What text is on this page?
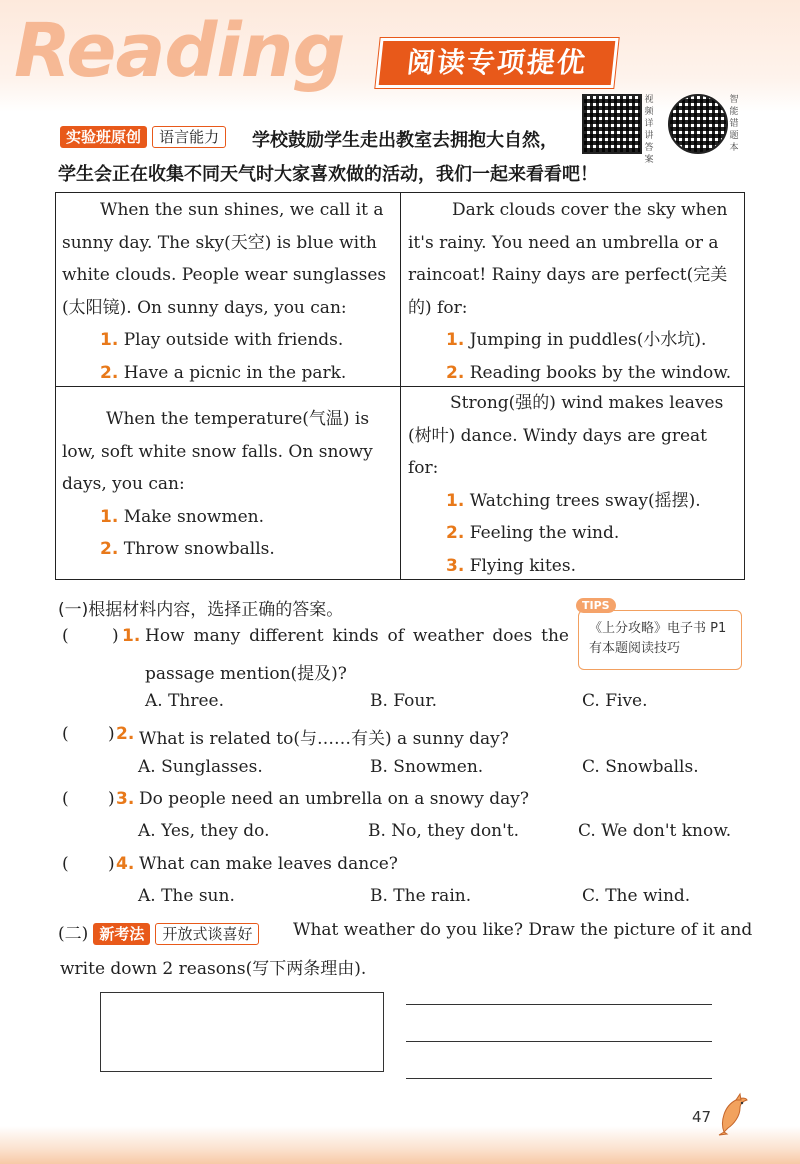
Reading	阅读专项提优
视频详讲答案
智能错题本
实验班原创 语言能力	学校鼓励学生走出教室去拥抱大自然，
学生会正在收集不同天气时大家喜欢做的活动，我们一起来看看吧！
When the sun shines, we call it a
sunny day. The sky(天空) is blue with
white clouds. People wear sunglasses
(太阳镜). On sunny days, you can:
1. Play outside with friends.
2. Have a picnic in the park.
Dark clouds cover the sky when
it's rainy. You need an umbrella or a
raincoat! Rainy days are perfect(完美
的) for:
1. Jumping in puddles(小水坑).
2. Reading books by the window.
When the temperature(气温) is
low, soft white snow falls. On snowy
days, you can:
1. Make snowmen.
2. Throw snowballs.
Strong(强的) wind makes leaves
(树叶) dance. Windy days are great
for:
1. Watching trees sway(摇摆).
2. Feeling the wind.
3. Flying kites.
(一)根据材料内容，选择正确的答案。
《上分攻略》电子书 P1
有本题阅读技巧
TIPS
(	) 1. How many different kinds of weather does the
passage mention(提及)?
A. Three.	B. Four.	C. Five.
( ) 2. What is related to(与……有关) a sunny day?
A. Sunglasses.	B. Snowmen.	C. Snowballs.
( ) 3. Do people need an umbrella on a snowy day?
A. Yes, they do.	B. No, they don't.	C. We don't know.
( ) 4. What can make leaves dance?
A. The sun.	B. The rain.	C. The wind.
(二) 新考法 开放式谈喜好	What weather do you like? Draw the picture of it and
write down 2 reasons(写下两条理由).
47
